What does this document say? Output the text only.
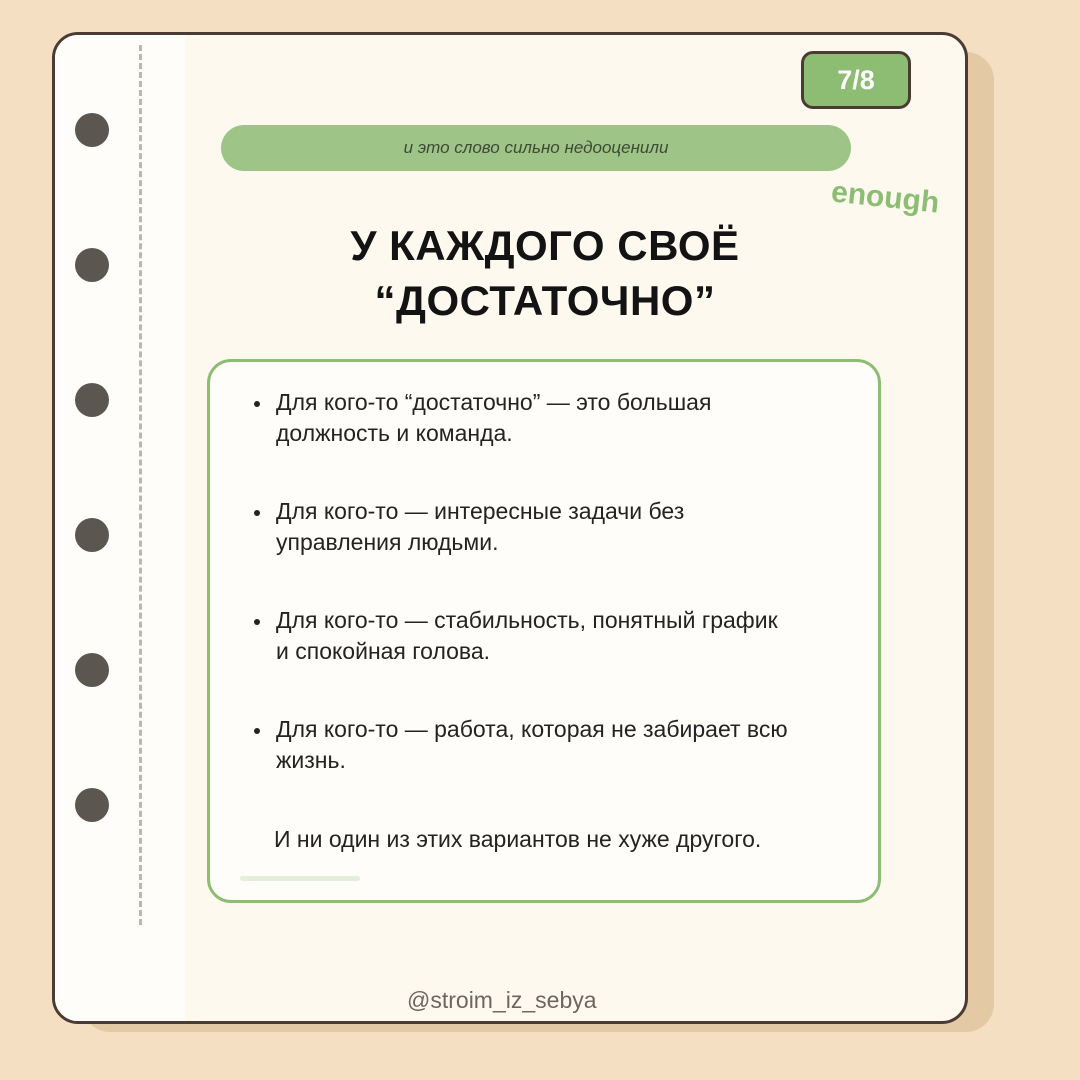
7/8
и это слово сильно недооценили
enough
У КАЖДОГО СВОЁ
“ДОСТАТОЧНО”
Для кого-то “достаточно” — это большая
должность и команда.
Для кого-то — интересные задачи без
управления людьми.
Для кого-то — стабильность, понятный график
и спокойная голова.
Для кого-то — работа, которая не забирает всю
жизнь.
И ни один из этих вариантов не хуже другого.
@stroim_iz_sebya
